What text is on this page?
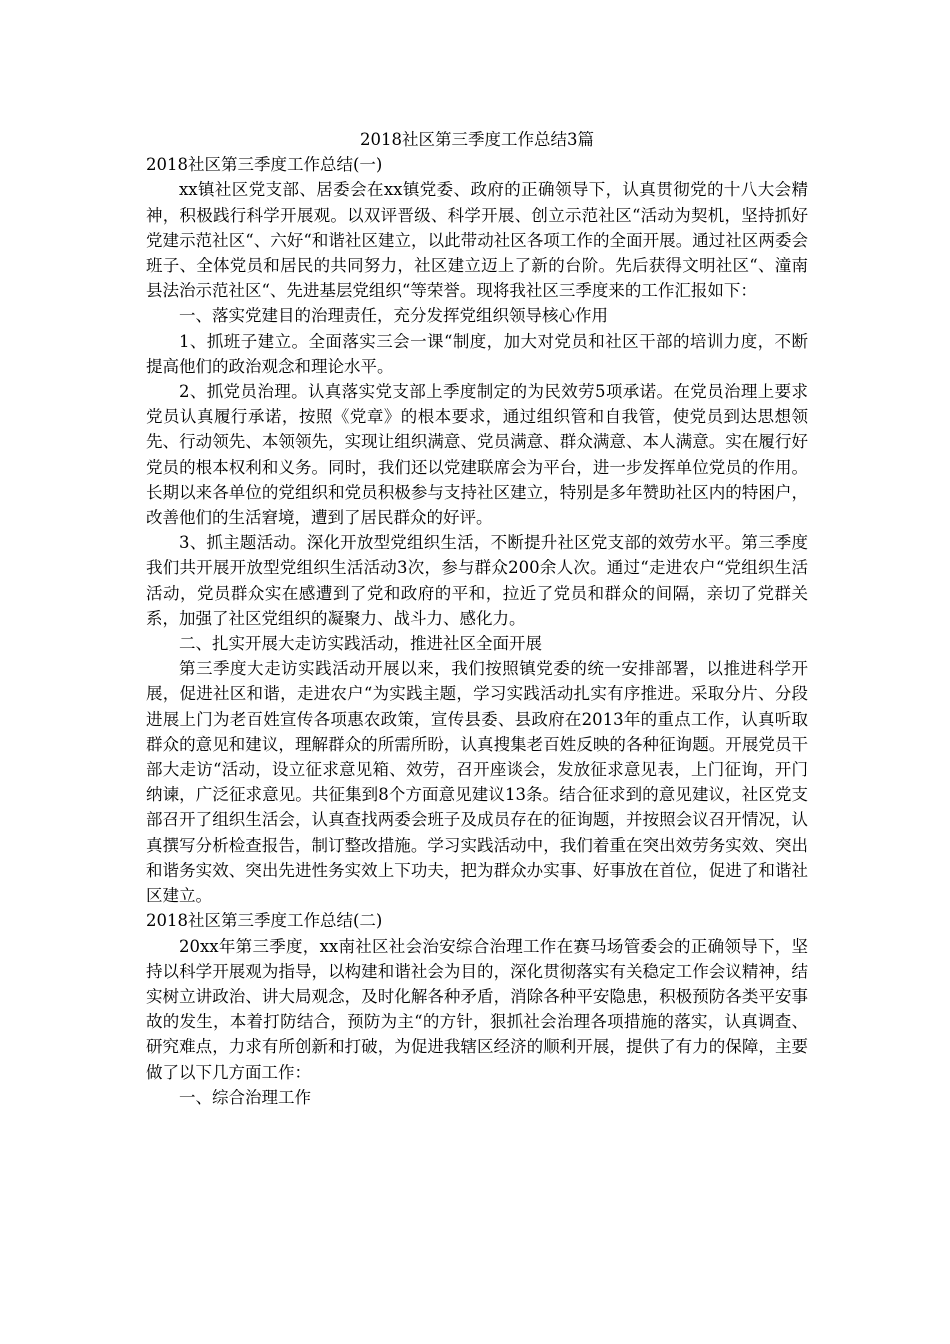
2018社区第三季度工作总结3篇

2018社区第三季度工作总结(一)

xx镇社区党支部、居委会在xx镇党委、政府的正确领导下，认真贯彻党的十八大会精神，积极践行科学开展观。以双评晋级、科学开展、创立示范社区“活动为契机，坚持抓好党建示范社区“、六好“和谐社区建立，以此带动社区各项工作的全面开展。通过社区两委会班子、全体党员和居民的共同努力，社区建立迈上了新的台阶。先后获得文明社区“、潼南县法治示范社区“、先进基层党组织“等荣誉。现将我社区三季度来的工作汇报如下：

一、落实党建目的治理责任，充分发挥党组织领导核心作用

1、抓班子建立。全面落实三会一课“制度，加大对党员和社区干部的培训力度，不断提高他们的政治观念和理论水平。

2、抓党员治理。认真落实党支部上季度制定的为民效劳5项承诺。在党员治理上要求党员认真履行承诺，按照《党章》的根本要求，通过组织管和自我管，使党员到达思想领先、行动领先、本领领先，实现让组织满意、党员满意、群众满意、本人满意。实在履行好党员的根本权利和义务。同时，我们还以党建联席会为平台，进一步发挥单位党员的作用。长期以来各单位的党组织和党员积极参与支持社区建立，特别是多年赞助社区内的特困户，改善他们的生活窘境，遭到了居民群众的好评。

3、抓主题活动。深化开放型党组织生活，不断提升社区党支部的效劳水平。第三季度我们共开展开放型党组织生活活动3次，参与群众200余人次。通过“走进农户“党组织生活活动，党员群众实在感遭到了党和政府的平和，拉近了党员和群众的间隔，亲切了党群关系，加强了社区党组织的凝聚力、战斗力、感化力。

二、扎实开展大走访实践活动，推进社区全面开展

第三季度大走访实践活动开展以来，我们按照镇党委的统一安排部署，以推进科学开展，促进社区和谐，走进农户“为实践主题，学习实践活动扎实有序推进。采取分片、分段进展上门为老百姓宣传各项惠农政策，宣传县委、县政府在2013年的重点工作，认真听取群众的意见和建议，理解群众的所需所盼，认真搜集老百姓反映的各种征询题。开展党员干部大走访“活动，设立征求意见箱、效劳，召开座谈会，发放征求意见表，上门征询，开门纳谏，广泛征求意见。共征集到8个方面意见建议13条。结合征求到的意见建议，社区党支部召开了组织生活会，认真查找两委会班子及成员存在的征询题，并按照会议召开情况，认真撰写分析检查报告，制订整改措施。学习实践活动中，我们着重在突出效劳务实效、突出和谐务实效、突出先进性务实效上下功夫，把为群众办实事、好事放在首位，促进了和谐社区建立。

2018社区第三季度工作总结(二)

20xx年第三季度，xx南社区社会治安综合治理工作在赛马场管委会的正确领导下，坚持以科学开展观为指导，以构建和谐社会为目的，深化贯彻落实有关稳定工作会议精神，结实树立讲政治、讲大局观念，及时化解各种矛盾，消除各种平安隐患，积极预防各类平安事故的发生，本着打防结合，预防为主“的方针，狠抓社会治理各项措施的落实，认真调查、研究难点，力求有所创新和打破，为促进我辖区经济的顺利开展，提供了有力的保障，主要做了以下几方面工作：

一、综合治理工作
